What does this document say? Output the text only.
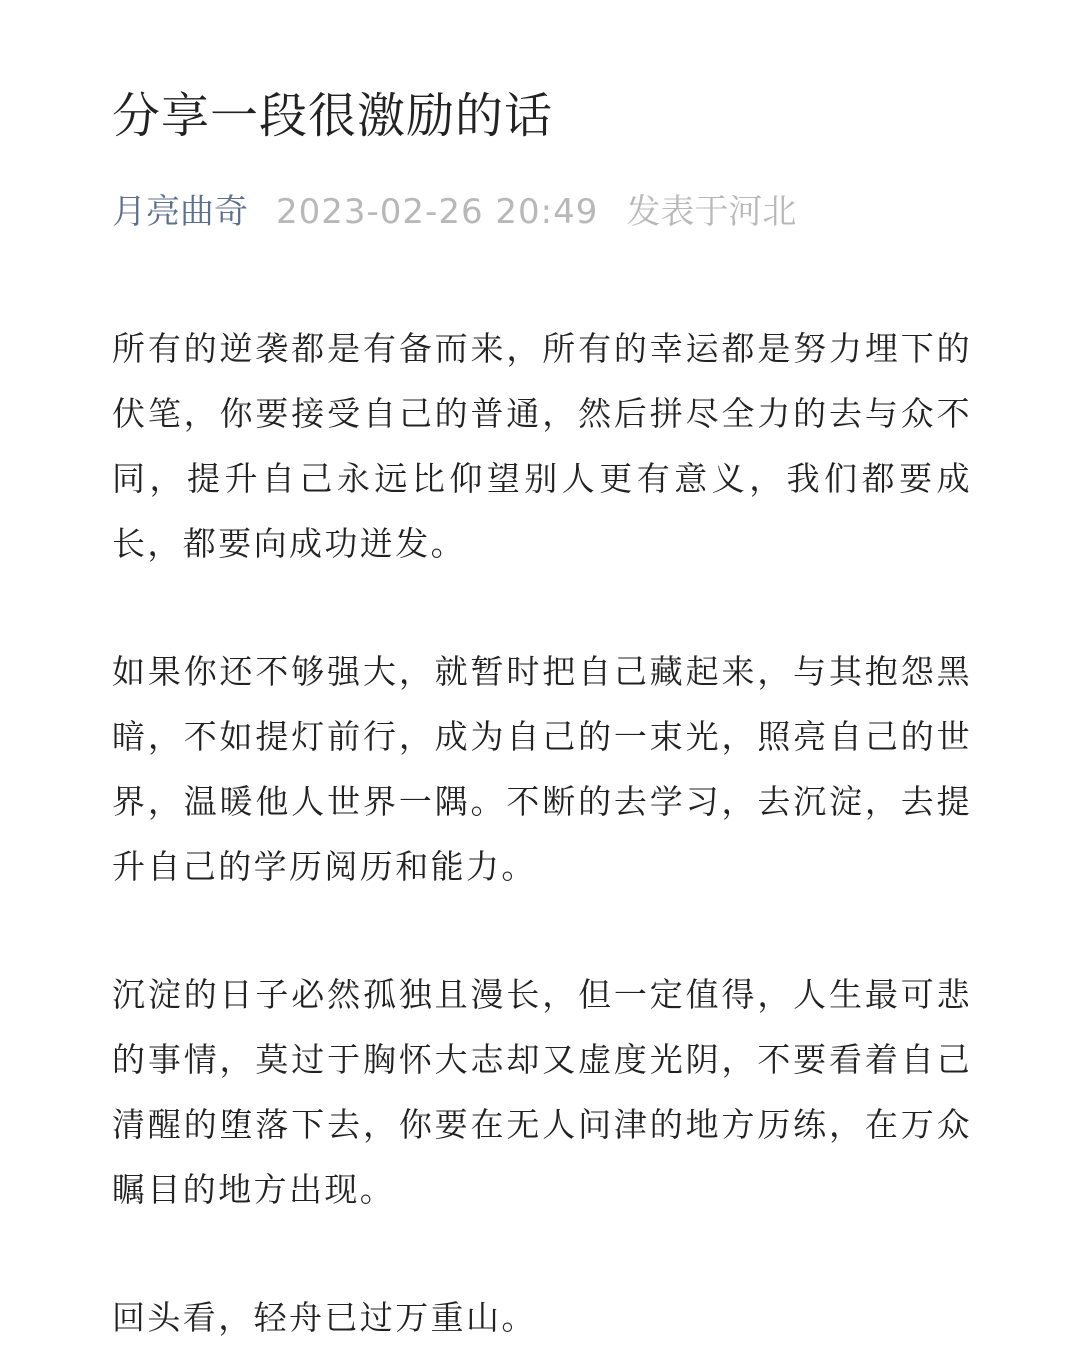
分享一段很激励的话
月亮曲奇 2023-02-26 20:49 发表于河北

所有的逆袭都是有备而来，所有的幸运都是努力埋下的伏笔，你要接受自己的普通，然后拼尽全力的去与众不同，提升自己永远比仰望别人更有意义，我们都要成长，都要向成功迸发。

如果你还不够强大，就暂时把自己藏起来，与其抱怨黑暗，不如提灯前行，成为自己的一束光，照亮自己的世界，温暖他人世界一隅。不断的去学习，去沉淀，去提升自己的学历阅历和能力。

沉淀的日子必然孤独且漫长，但一定值得，人生最可悲的事情，莫过于胸怀大志却又虚度光阴，不要看着自己清醒的堕落下去，你要在无人问津的地方历练，在万众瞩目的地方出现。

回头看，轻舟已过万重山。
